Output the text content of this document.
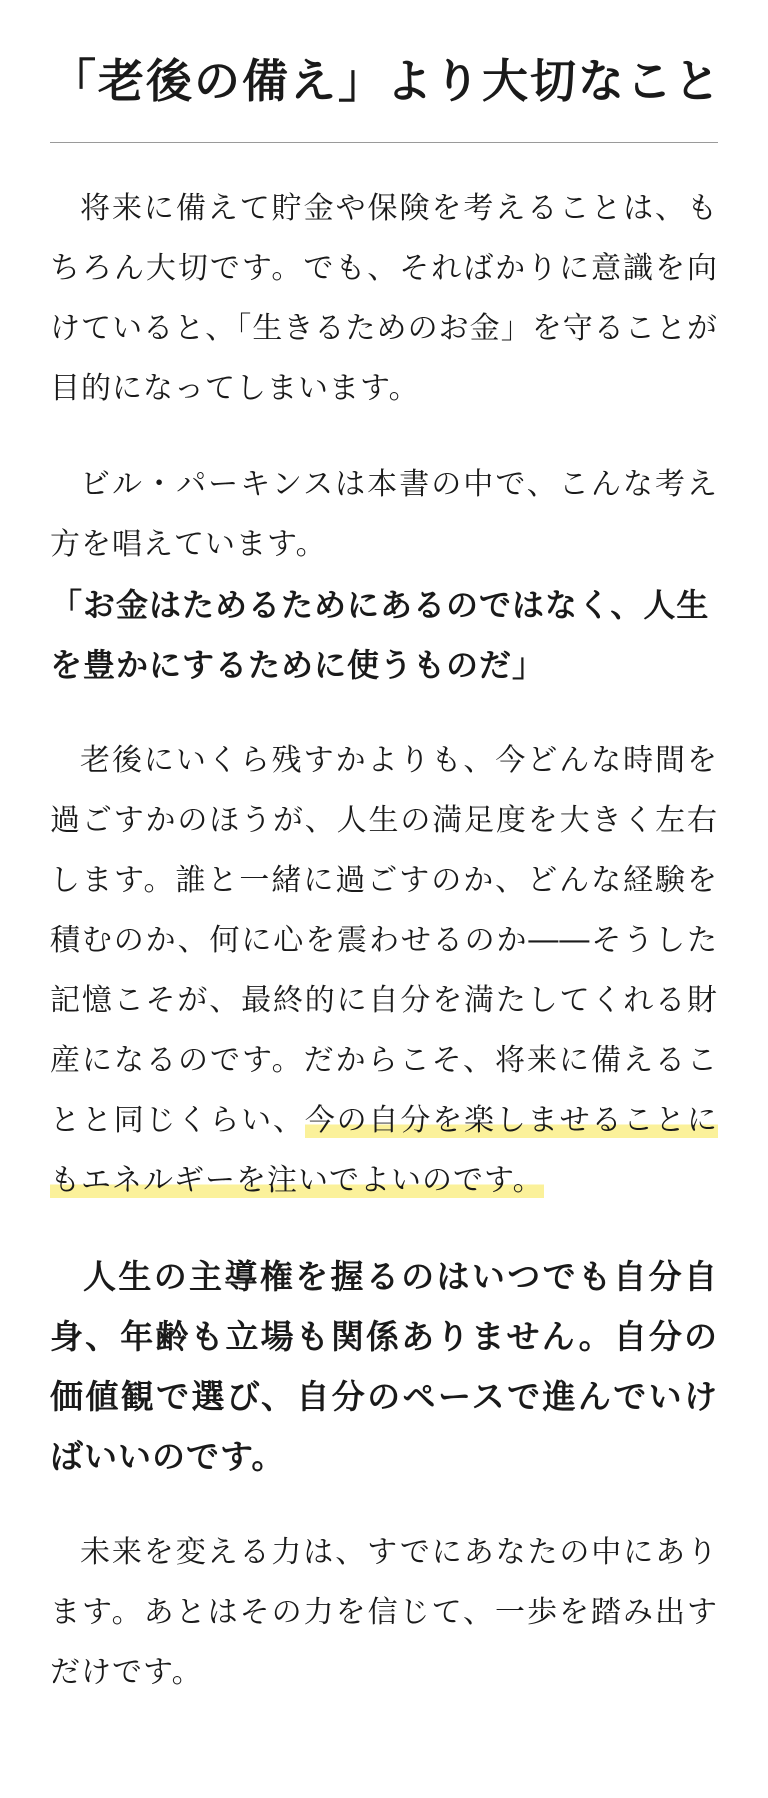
「老後の備え」より大切なこと

将来に備えて貯金や保険を考えることは、もちろん大切です。でも、そればかりに意識を向けていると、「生きるためのお金」を守ることが目的になってしまいます。

ビル・パーキンスは本書の中で、こんな考え方を唱えています。

「お金はためるためにあるのではなく、人生を豊かにするために使うものだ」

老後にいくら残すかよりも、今どんな時間を過ごすかのほうが、人生の満足度を大きく左右します。誰と一緒に過ごすのか、どんな経験を積むのか、何に心を震わせるのか――そうした記憶こそが、最終的に自分を満たしてくれる財産になるのです。だからこそ、将来に備えることと同じくらい、今の自分を楽しませることにもエネルギーを注いでよいのです。

人生の主導権を握るのはいつでも自分自身、年齢も立場も関係ありません。自分の価値観で選び、自分のペースで進んでいけばいいのです。

未来を変える力は、すでにあなたの中にあります。あとはその力を信じて、一歩を踏み出すだけです。
